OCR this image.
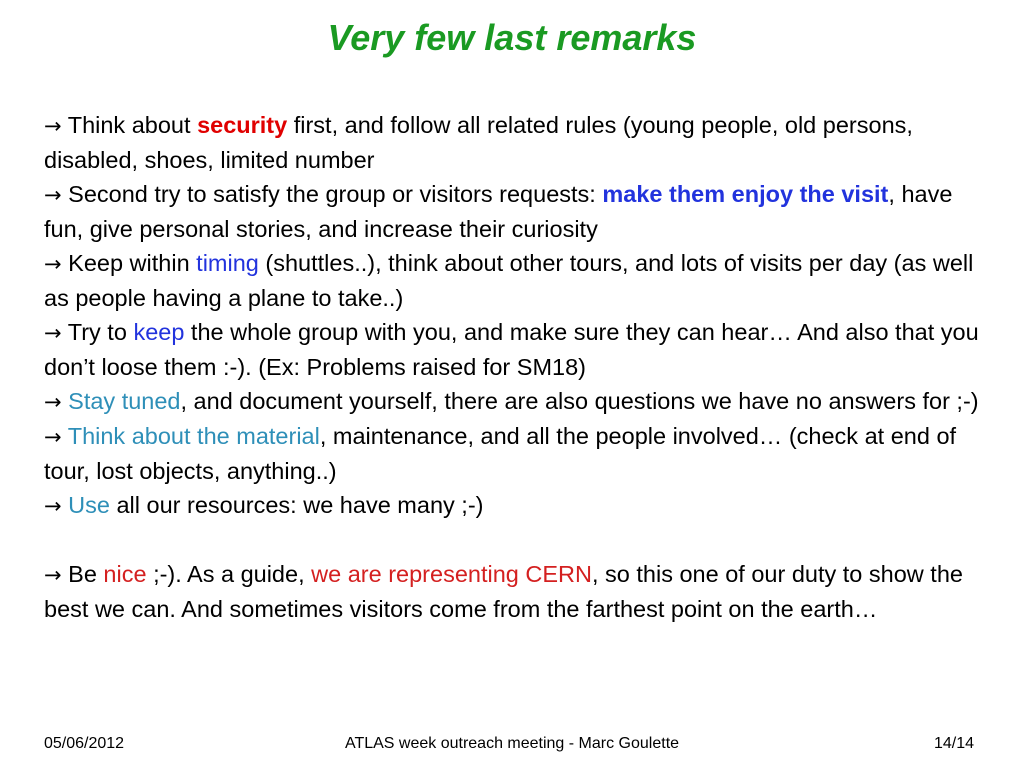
Very few last remarks

→ Think about security first, and follow all related rules (young people, old persons, disabled, shoes, limited number

→ Second try to satisfy the group or visitors requests: make them enjoy the visit, have fun, give personal stories, and increase their curiosity

→ Keep within timing (shuttles..), think about other tours, and lots of visits per day (as well as people having a plane to take..)

→ Try to keep the whole group with you, and make sure they can hear… And also that you don’t loose them :-). (Ex: Problems raised for SM18)

→ Stay tuned, and document yourself, there are also questions we have no answers for ;-)

→ Think about the material, maintenance, and all the people involved… (check at end of tour, lost objects, anything..)

→ Use all our resources: we have many ;-)

→ Be nice ;-). As a guide, we are representing CERN, so this one of our duty to show the best we can. And sometimes visitors come from the farthest point on the earth…

05/06/2012	ATLAS week outreach meeting - Marc Goulette	14/14
